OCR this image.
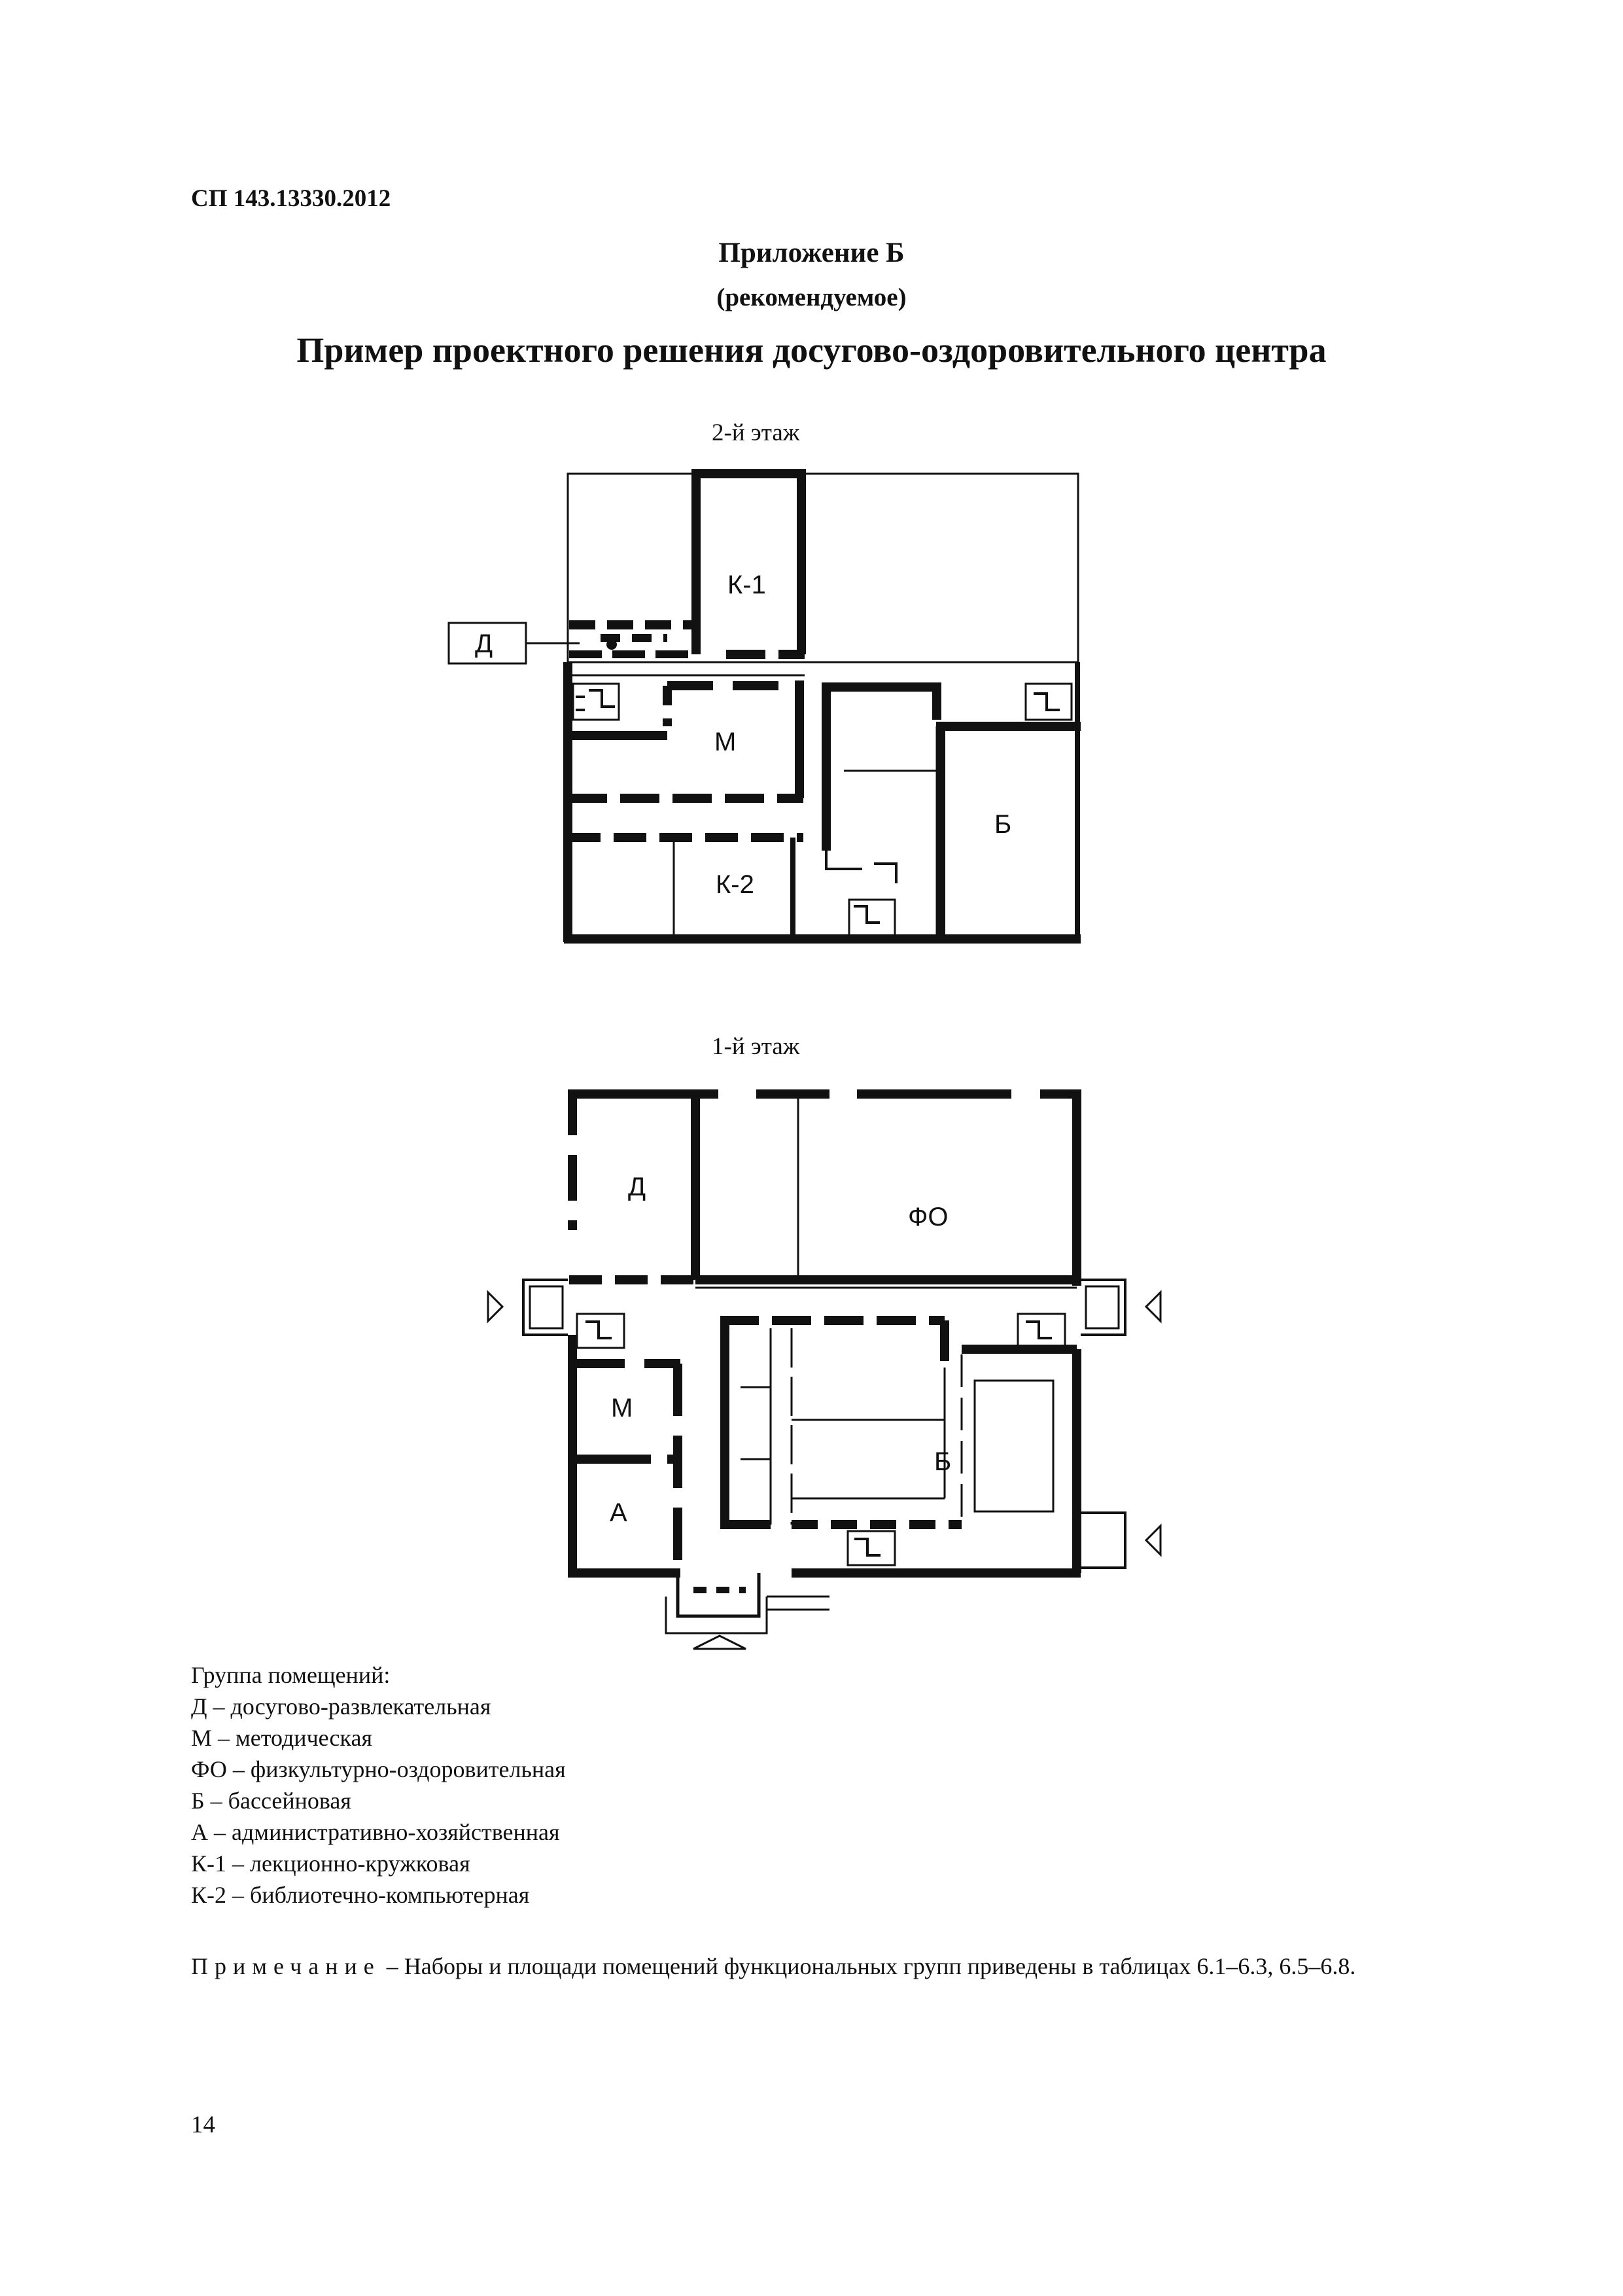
СП 143.13330.2012
Приложение Б
(рекомендуемое)
Пример проектного решения досугово-оздоровительного центра
2-й этаж
1-й этаж
К-1
Д
М
Б
К-2
Д
ФО
М
Б
А
Группа помещений:
Д – досугово-развлекательная
М – методическая
ФО – физкультурно-оздоровительная
Б – бассейновая
А – административно-хозяйственная
К-1 – лекционно-кружковая
К-2 – библиотечно-компьютерная
Примечание – Наборы и площади помещений функциональных групп приведены в таблицах 6.1–6.3, 6.5–6.8.
14
